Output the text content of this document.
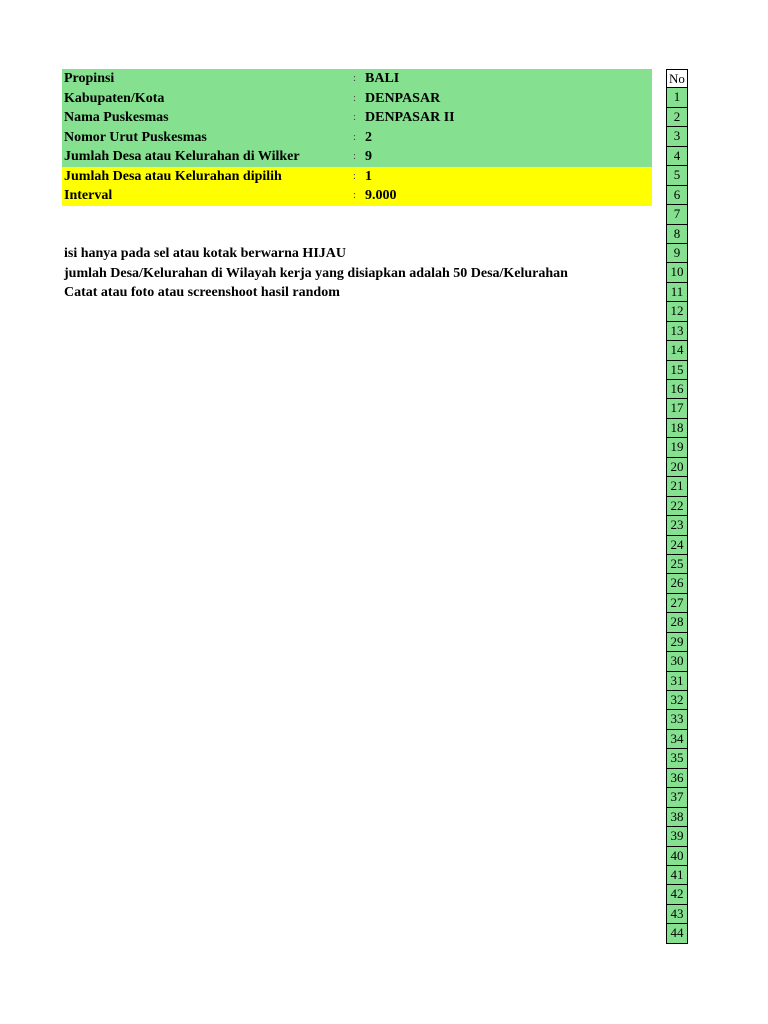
Propinsi	: BALI
Kabupaten/Kota	: DENPASAR
Nama Puskesmas	: DENPASAR II
Nomor Urut Puskesmas	: 2
Jumlah Desa atau Kelurahan di Wilker	: 9
Jumlah Desa atau Kelurahan dipilih	: 1
Interval	: 9.000
isi hanya pada sel atau kotak berwarna HIJAU
jumlah Desa/Kelurahan di Wilayah kerja yang disiapkan adalah 50 Desa/Kelurahan
Catat atau foto atau screenshoot hasil random
No
1
2
3
4
5
6
7
8
9
10
11
12
13
14
15
16
17
18
19
20
21
22
23
24
25
26
27
28
29
30
31
32
33
34
35
36
37
38
39
40
41
42
43
44
